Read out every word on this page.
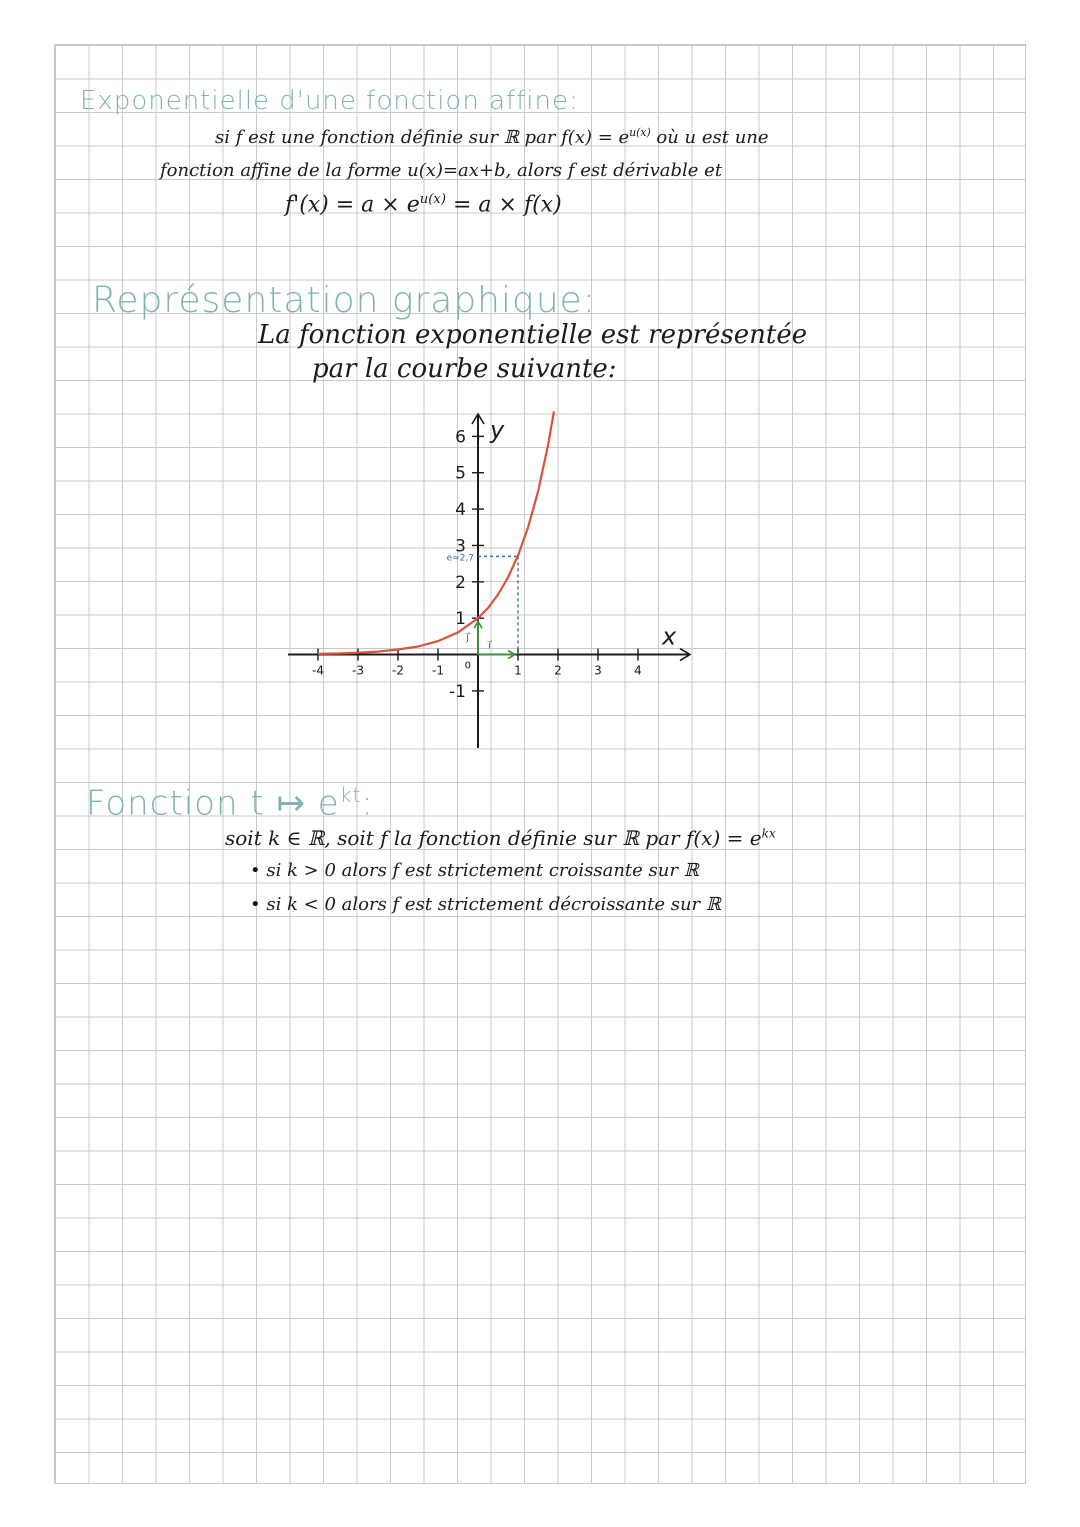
Exponentielle d'une fonction affine:
si f est une fonction définie sur ℝ par $f(x) = e^{u(x)}$ où u est une
fonction affine de la forme u(x)=ax+b, alors f est dérivable et
$f'(x) = a \times e^{u(x)} = a \times f(x)$
Représentation graphique:
La fonction exponentielle est représentée
par la courbe suivante:
-4 -3 -2 -1	1	2	3	4
-1
1
2
3
4
5
6
0
x
y
e≈2,7
i⃗
j⃗
Fonction t ↦ $e^{kt}$:
soit k ∈ ℝ, soit f la fonction définie sur ℝ par $f(x) = e^{kx}$
• si k > 0 alors f est strictement croissante sur ℝ
• si k < 0 alors f est strictement décroissante sur ℝ
